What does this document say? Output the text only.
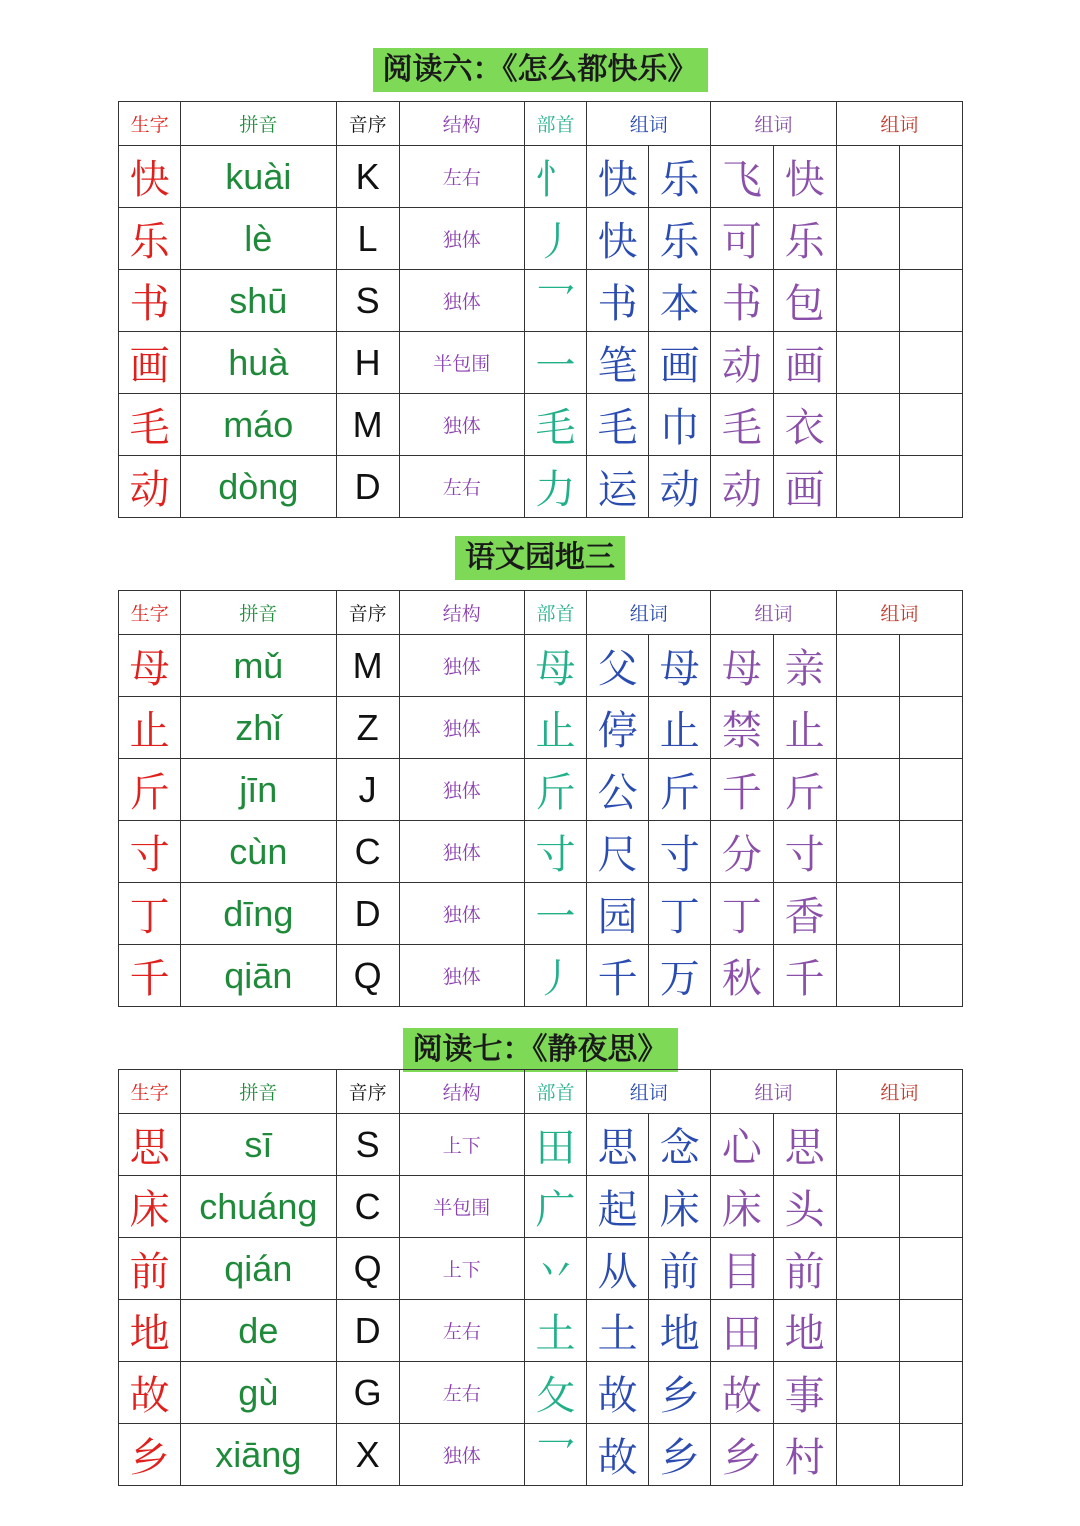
阅读六：《怎么都快乐》
生字	拼音	音序	结构	部首	组词		组词		组词	
快	kuài	K	左右	忄	快	乐	飞	快		
乐	lè	L	独体	丿	快	乐	可	乐		
书	shū	S	独体	乛	书	本	书	包		
画	huà	H	半包围	一	笔	画	动	画		
毛	máo	M	独体	毛	毛	巾	毛	衣		
动	dòng	D	左右	力	运	动	动	画		
语文园地三
生字	拼音	音序	结构	部首	组词		组词		组词	
母	mǔ	M	独体	母	父	母	母	亲		
止	zhǐ	Z	独体	止	停	止	禁	止		
斤	jīn	J	独体	斤	公	斤	千	斤		
寸	cùn	C	独体	寸	尺	寸	分	寸		
丁	dīng	D	独体	一	园	丁	丁	香		
千	qiān	Q	独体	丿	千	万	秋	千		
阅读七：《静夜思》
生字	拼音	音序	结构	部首	组词		组词		组词	
思	sī	S	上下	田	思	念	心	思		
床	chuáng	C	半包围	广	起	床	床	头		
前	qián	Q	上下	丷	从	前	目	前		
地	de	D	左右	土	土	地	田	地		
故	gù	G	左右	攵	故	乡	故	事		
乡	xiāng	X	独体	乛	故	乡	乡	村		
